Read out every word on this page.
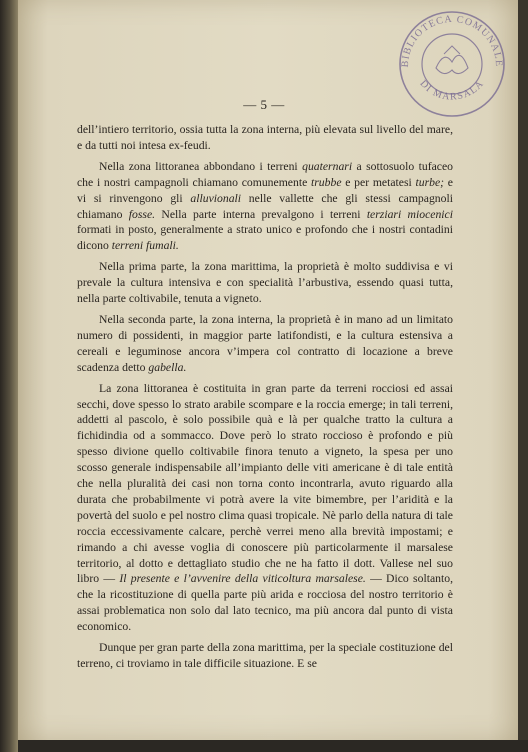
BIBLIOTECA COMUNALE
DI MARSALA
— 5 —

dell’intiero territorio, ossia tutta la zona interna, più elevata sul livello del mare, e da tutti noi intesa ex-feudi.

Nella zona littoranea abbondano i terreni quaternari a sottosuolo tufaceo che i nostri campagnoli chiamano comunemente trubbe e per metatesi turbe; e vi si rinvengono gli alluvionali nelle vallette che gli stessi campagnoli chiamano fosse. Nella parte interna prevalgono i terreni terziari miocenici formati in posto, generalmente a strato unico e profondo che i nostri contadini dicono terreni fumali.

Nella prima parte, la zona marittima, la proprietà è molto suddivisa e vi prevale la cultura intensiva e con specialità l’arbustiva, essendo quasi tutta, nella parte coltivabile, tenuta a vigneto.

Nella seconda parte, la zona interna, la proprietà è in mano ad un limitato numero di possidenti, in maggior parte latifondisti, e la cultura estensiva a cereali e leguminose ancora v’impera col contratto di locazione a breve scadenza detto gabella.

La zona littoranea è costituita in gran parte da terreni rocciosi ed assai secchi, dove spesso lo strato arabile scompare e la roccia emerge; in tali terreni, addetti al pascolo, è solo possibile quà e là per qualche tratto la cultura a fichidindia od a sommacco. Dove però lo strato roccioso è profondo e più spesso divione quello coltivabile finora tenuto a vigneto, la spesa per uno scosso generale indispensabile all’impianto delle viti americane è di tale entità che nella pluralità dei casi non torna conto incontrarla, avuto riguardo alla durata che probabilmente vi potrà avere la vite bimembre, per l’aridità e la povertà del suolo e pel nostro clima quasi tropicale. Nè parlo della natura di tale roccia eccessivamente calcare, perchè verrei meno alla brevità impostami; e rimando a chi avesse voglia di conoscere più particolarmente il marsalese territorio, al dotto e dettagliato studio che ne ha fatto il dott. Vallese nel suo libro — Il presente e l’avvenire della viticoltura marsalese. — Dico soltanto, che la ricostituzione di quella parte più arida e rocciosa del nostro territorio è assai problematica non solo dal lato tecnico, ma più ancora dal punto di vista economico.

Dunque per gran parte della zona marittima, per la speciale costituzione del terreno, ci troviamo in tale difficile situazione. E se
